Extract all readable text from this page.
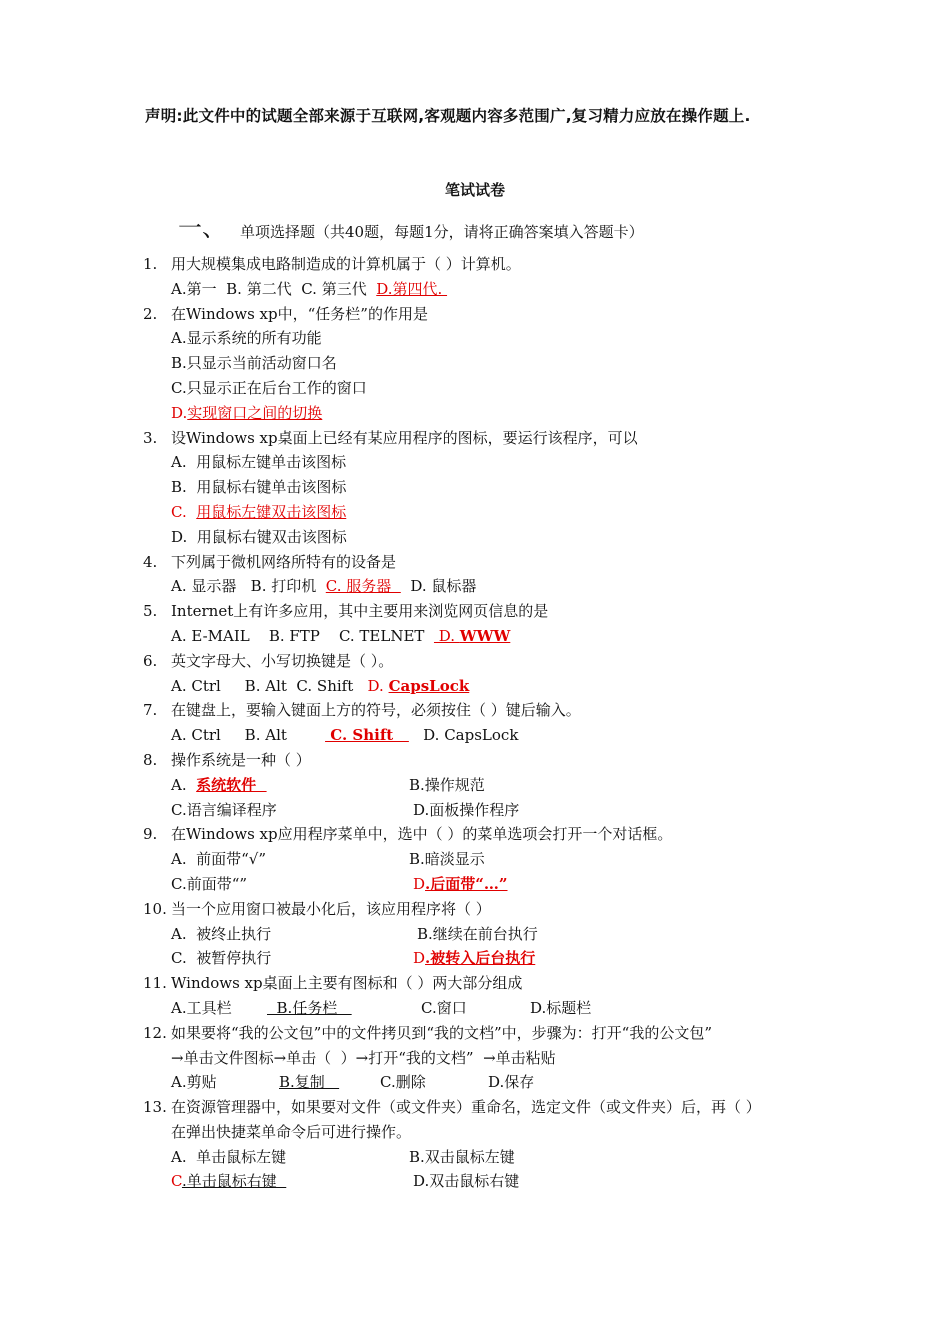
声明:此文件中的试题全部来源于互联网,客观题内容多范围广,复习精力应放在操作题上.
笔试试卷
一、 单项选择题（共40题，每题1分，请将正确答案填入答题卡）
1. 用大规模集成电路制造成的计算机属于（ ）计算机。
A.第一  B. 第二代  C. 第三代  D.第四代.
2. 在Windows xp中，“任务栏”的作用是
A.显示系统的所有功能
B.只显示当前活动窗口名
C.只显示正在后台工作的窗口
D.实现窗口之间的切换
3. 设Windows xp桌面上已经有某应用程序的图标，要运行该程序，可以
A.  用鼠标左键单击该图标
B.  用鼠标右键单击该图标
C.  用鼠标左键双击该图标
D.  用鼠标右键双击该图标
4. 下列属于微机网络所特有的设备是
A. 显示器   B. 打印机  C. 服务器    D. 鼠标器
5. Internet上有许多应用，其中主要用来浏览网页信息的是
A. E-MAIL    B. FTP    C. TELNET   D. WWW
6. 英文字母大、小写切换键是（ ）。
A. Ctrl     B. Alt  C. Shift   D. CapsLock
7. 在键盘上，要输入键面上方的符号，必须按住（ ）键后输入。
A. Ctrl     B. Alt         C. Shift      D. CapsLock
8. 操作系统是一种（ ）
A.  系统软件	B.操作规范
C.语言编译程序	D.面板操作程序
9. 在Windows xp应用程序菜单中，选中（ ）的菜单选项会打开一个对话框。
A.  前面带“√”	B.暗淡显示
C.前面带“”	D.后面带“…”
10. 当一个应用窗口被最小化后，该应用程序将（ ）
A.  被终止执行	B.继续在前台执行
C.  被暂停执行	D.被转入后台执行
11. Windows xp桌面上主要有图标和（ ）两大部分组成
A.工具栏 B.任务栏	C.窗口	D.标题栏
12. 如果要将“我的公文包”中的文件拷贝到“我的文档”中，步骤为：打开“我的公文包”
→单击文件图标→单击（  ）→打开“我的文档”  →单击粘贴
A.剪贴	B.复制	C.删除	D.保存
13. 在资源管理器中，如果要对文件（或文件夹）重命名，选定文件（或文件夹）后，再（ ）
在弹出快捷菜单命令后可进行操作。
A.  单击鼠标左键	B.双击鼠标左键
C.单击鼠标右键	D.双击鼠标右键
